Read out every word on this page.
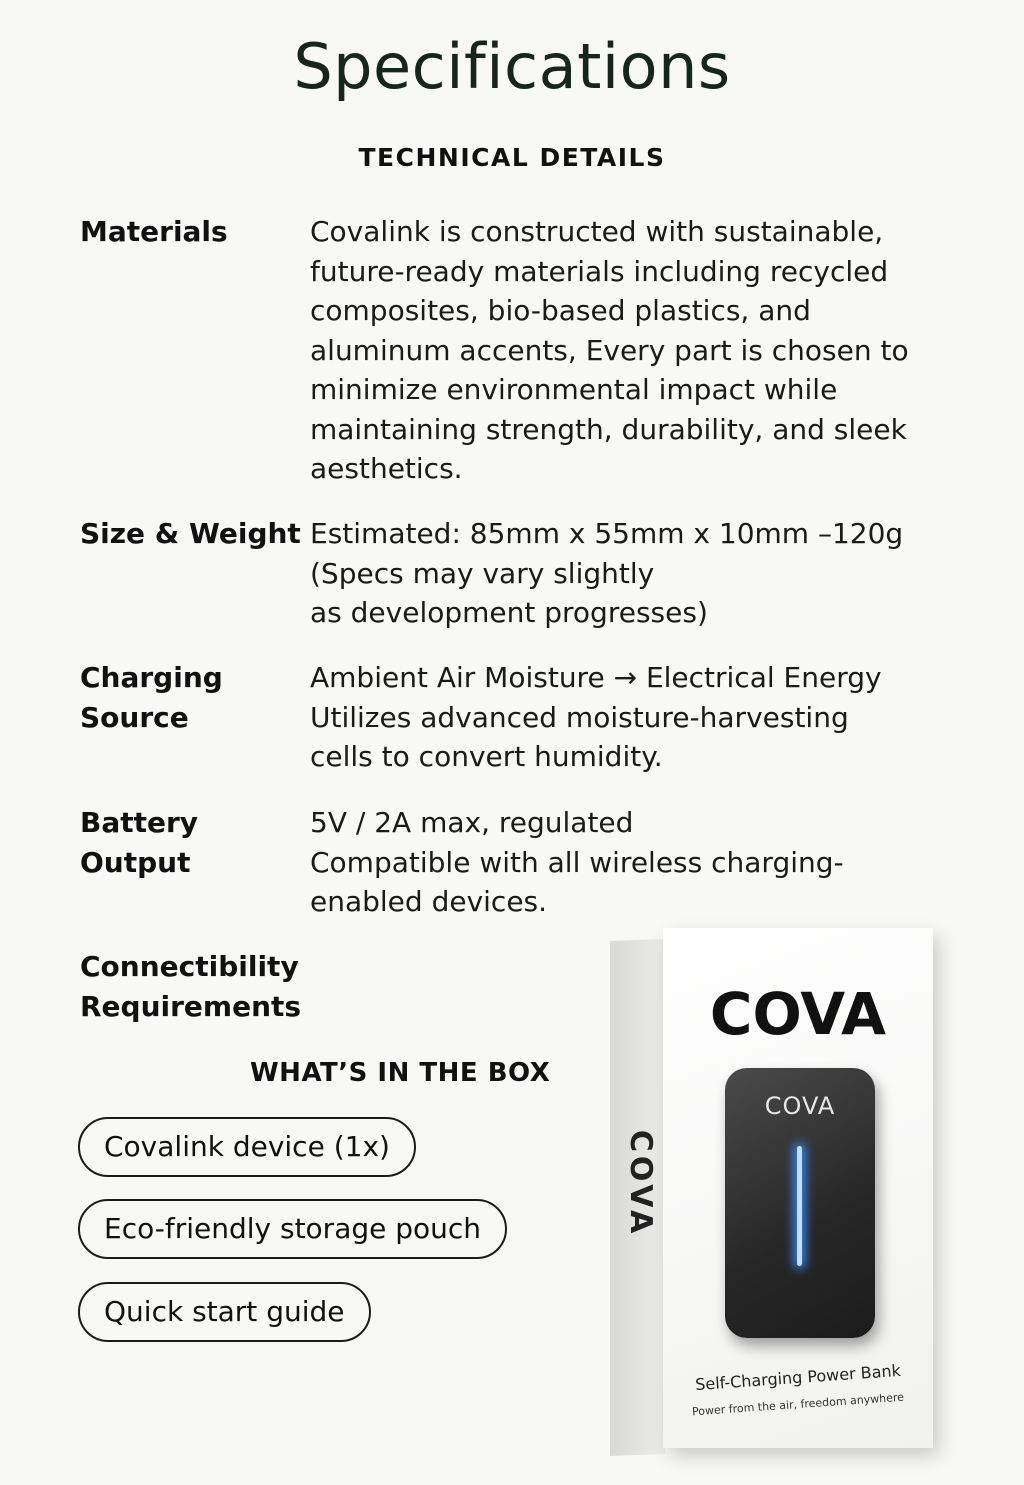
Specifications
TECHNICAL DETAILS
Materials	Covalink is constructed with sustainable, future-ready materials including recycled composites, bio-based plastics, and aluminum accents, Every part is chosen to minimize environmental impact while maintaining strength, durability, and sleek aesthetics.
Size & Weight Estimated: 85mm x 55mm x 10mm –120g
(Specs may vary slightly
as development progresses)
Charging Source
Ambient Air Moisture → Electrical Energy
Utilizes advanced moisture-harvesting
cells to convert humidity.
Battery Output
5V / 2A max, regulated
Compatible with all wireless charging-
enabled devices.
Connectibility Requirements
WHAT’S IN THE BOX
Covalink device (1x)
Eco-friendly storage pouch
Quick start guide
COVA
COVA
COVA
Self-Charging Power Bank
Power from the air, freedom anywhere
